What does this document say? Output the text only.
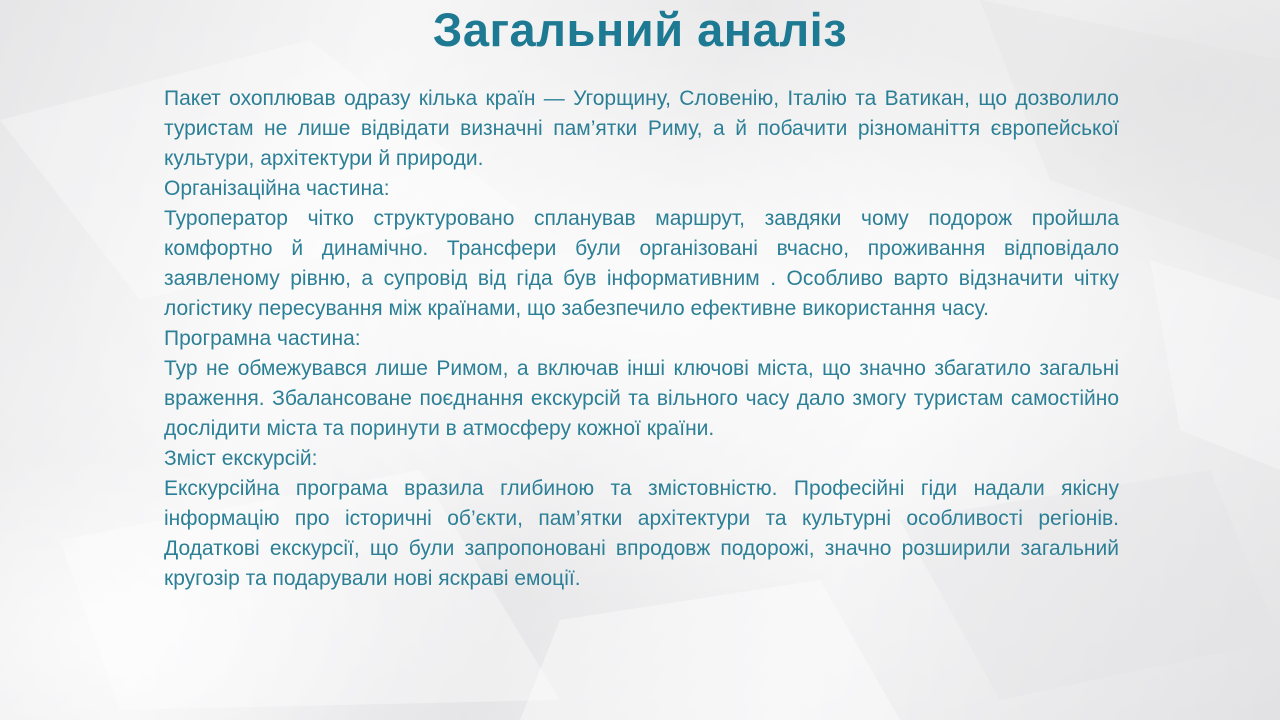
Загальний аналіз

Пакет охоплював одразу кілька країн — Угорщину, Словенію, Італію та Ватикан, що дозволило туристам не лише відвідати визначні пам’ятки Риму, а й побачити різноманіття європейської культури, архітектури й природи.

Організаційна частина:

Туроператор чітко структуровано спланував маршрут, завдяки чому подорож пройшла комфортно й динамічно. Трансфери були організовані вчасно, проживання відповідало заявленому рівню, а супровід від гіда був інформативним . Особливо варто відзначити чітку логістику пересування між країнами, що забезпечило ефективне використання часу.

Програмна частина:

Тур не обмежувався лише Римом, а включав інші ключові міста, що значно збагатило загальні враження. Збалансоване поєднання екскурсій та вільного часу дало змогу туристам самостійно дослідити міста та поринути в атмосферу кожної країни.

Зміст екскурсій:

Екскурсійна програма вразила глибиною та змістовністю. Професійні гіди надали якісну інформацію про історичні об’єкти, пам’ятки архітектури та культурні особливості регіонів. Додаткові екскурсії, що були запропоновані впродовж подорожі, значно розширили загальний кругозір та подарували нові яскраві емоції.
